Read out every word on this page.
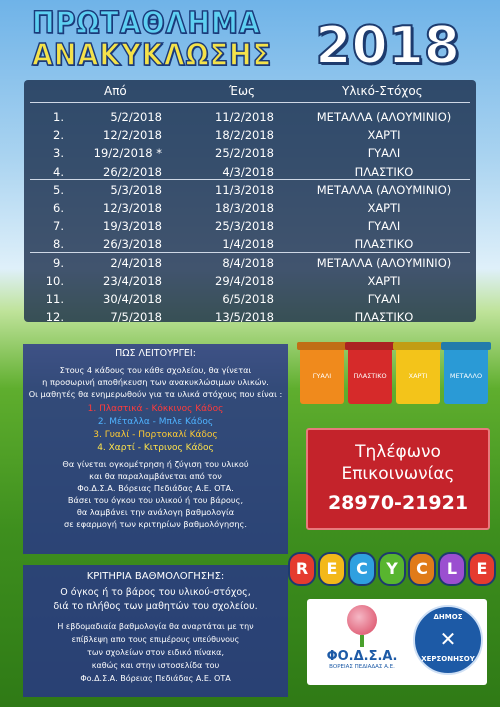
ΠΡΩΤΑΘΛΗΜΑ
ΑΝΑΚΥΚΛΩΣΗΣ 2018
Από	Έως	Υλικό-Στόχος
1.	5/2/2018	11/2/2018	ΜΕΤΑΛΛΑ (ΑΛΟΥΜΙΝΙΟ)
2.	12/2/2018	18/2/2018	ΧΑΡΤΙ
3.	19/2/2018 *	25/2/2018	ΓΥΑΛΙ
4.	26/2/2018	4/3/2018	ΠΛΑΣΤΙΚΟ
5.	5/3/2018	11/3/2018	ΜΕΤΑΛΛΑ (ΑΛΟΥΜΙΝΙΟ)
6.	12/3/2018	18/3/2018	ΧΑΡΤΙ
7.	19/3/2018	25/3/2018	ΓΥΑΛΙ
8.	26/3/2018	1/4/2018	ΠΛΑΣΤΙΚΟ
9.	2/4/2018	8/4/2018	ΜΕΤΑΛΛΑ (ΑΛΟΥΜΙΝΙΟ)
10.	23/4/2018	29/4/2018	ΧΑΡΤΙ
11.	30/4/2018	6/5/2018	ΓΥΑΛΙ
12.	7/5/2018	13/5/2018	ΠΛΑΣΤΙΚΟ

ΠΩΣ ΛΕΙΤΟΥΡΓΕΙ:

Στους 4 κάδους του κάθε σχολείου, θα γίνεται

η προσωρινή αποθήκευση των ανακυκλώσιμων υλικών.

Οι μαθητές θα ενημερωθούν για τα υλικά στόχους που είναι :

1. Πλαστικά - Κόκκινος Κάδος

2. Μέταλλα - Μπλε Κάδος

3. Γυαλί - Πορτοκαλί Κάδος

4. Χαρτί - Κιτρινος Κάδος

Θα γίνεται ογκομέτρηση ή ζύγιση του υλικού

και θα παραλαμβάνεται από τον

Φο.Δ.Σ.Α. Βόρειας Πεδιάδας Α.Ε. ΟΤΑ.

Βάσει του όγκου του υλικού ή του βάρους,

θα λαμβάνει την ανάλογη βαθμολογία

σε εφαρμογή των κριτηρίων βαθμολόγησης.

ΓΥΑΛΙ	ΠΛΑΣΤΙΚΟ	ΧΑΡΤΙ	ΜΕΤΑΛΛΟ
Τηλέφωνο
Επικοινωνίας
28970-21921
R	E	C	Y	C	L	E
ΚΡΙΤΗΡΙΑ ΒΑΘΜΟΛΟΓΗΣΗΣ:
Ο όγκος ή το βάρος του υλικού-στόχος,
διά το πλήθος των μαθητών του σχολείου.
Η εβδομαδιαία βαθμολογία θα αναρτάται με την
επίβλεψη απο τους επιμέρους υπεύθυνους
των σχολείων στον ειδικό πίνακα,
καθώς και στην ιστοσελίδα του
Φο.Δ.Σ.Α. Βόρειας Πεδιάδας Α.Ε. ΟΤΑ
ΦΟ.Δ.Σ.Α.
ΒΟΡΕΙΑΣ ΠΕΔΙΑΔΑΣ Α.Ε.
ΔΗΜΟΣ
✕
ΧΕΡΣΟΝΗΣΟΥ
